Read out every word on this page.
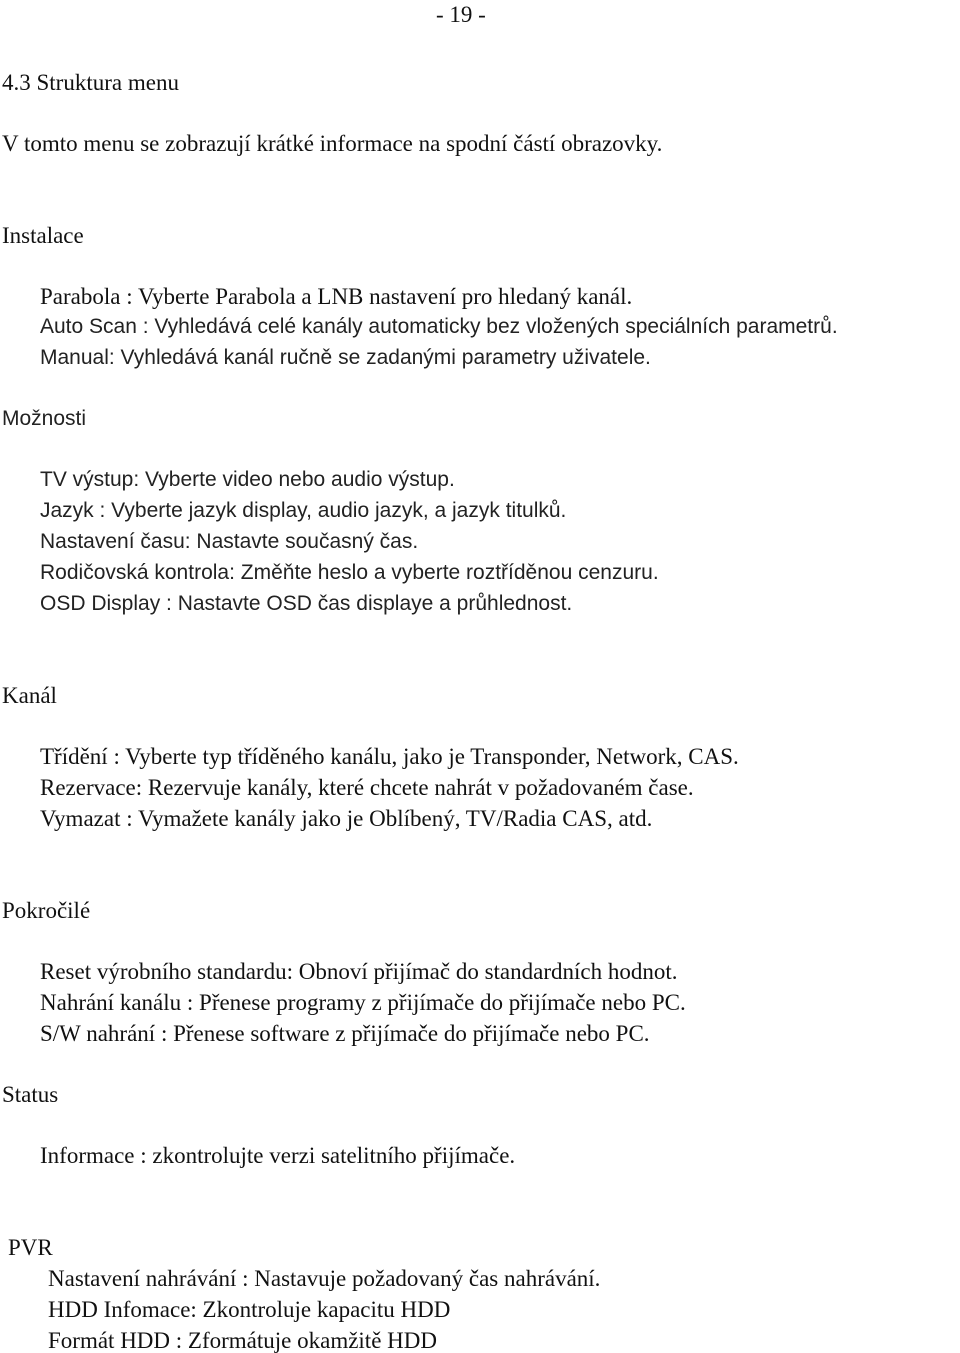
- 19 -
4.3 Struktura menu
V tomto menu se zobrazují krátké informace na spodní částí obrazovky.
Instalace
Parabola : Vyberte Parabola a LNB nastavení pro hledaný kanál.
Auto Scan : Vyhledává celé kanály automaticky bez vložených speciálních parametrů.
Manual: Vyhledává kanál ručně se zadanými parametry uživatele.
Možnosti
TV výstup: Vyberte video nebo audio výstup.
Jazyk : Vyberte jazyk display, audio jazyk, a jazyk titulků.
Nastavení času: Nastavte současný čas.
Rodičovská kontrola: Změňte heslo a vyberte roztříděnou cenzuru.
OSD Display : Nastavte OSD čas displaye a průhlednost.
Kanál
Třídění : Vyberte typ tříděného kanálu, jako je Transponder, Network, CAS.
Rezervace: Rezervuje kanály, které chcete nahrát v požadovaném čase.
Vymazat : Vymažete kanály jako je Oblíbený, TV/Radia CAS, atd.
Pokročilé
Reset výrobního standardu: Obnoví přijímač do standardních hodnot.
Nahrání kanálu : Přenese programy z přijímače do přijímače nebo PC.
S/W nahrání : Přenese software z přijímače do přijímače nebo PC.
Status
Informace : zkontrolujte verzi satelitního přijímače.
PVR
Nastavení nahrávání : Nastavuje požadovaný čas nahrávání.
HDD Infomace: Zkontroluje kapacitu HDD
Formát HDD : Zformátuje okamžitě HDD
